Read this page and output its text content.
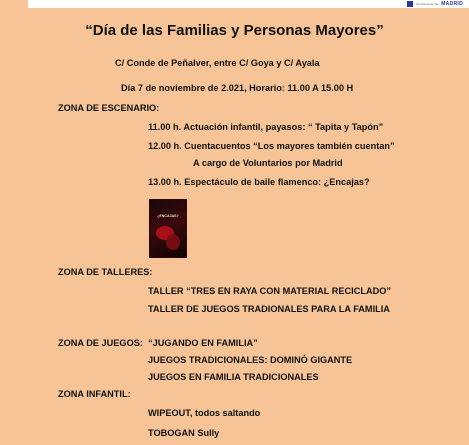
Ayuntamiento de MADRID
“Día de las Familias y Personas Mayores”
C/ Conde de Peñalver, entre C/ Goya y C/ Ayala
Día 7 de noviembre de 2.021, Horario: 11.00 A 15.00 H
ZONA DE ESCENARIO:
11.00 h. Actuación infantil, payasos: “ Tapita y Tapón”
12.00 h. Cuentacuentos “Los mayores también cuentan”
A cargo de Voluntarios por Madrid
13.00 h. Espectáculo de baile flamenco: ¿Encajas?
¿ENCAJAS?
ZONA DE TALLERES:
TALLER “TRES EN RAYA CON MATERIAL RECICLADO”
TALLER DE JUEGOS TRADIONALES PARA LA FAMILIA
ZONA DE JUEGOS: “JUGANDO EN FAMILIA”
JUEGOS TRADICIONALES: DOMINÓ GIGANTE
JUEGOS EN FAMILIA TRADICIONALES
ZONA INFANTIL:
WIPEOUT, todos saltando
TOBOGAN Sully
